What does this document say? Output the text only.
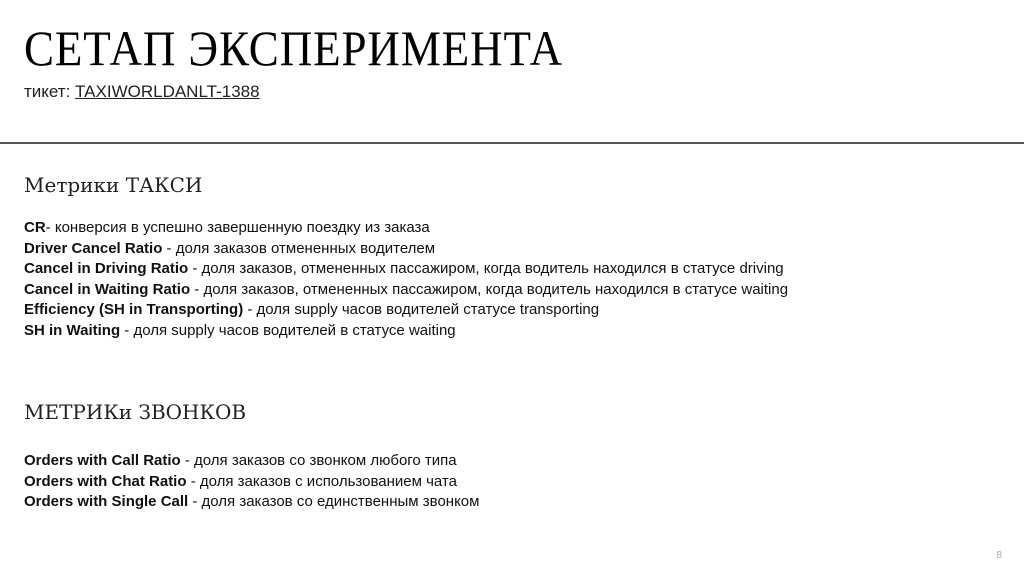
СЕТАП ЭКСПЕРИМЕНТА
тикет: TAXIWORLDANLT-1388
Метрики ТАКСИ
CR- конверсия в успешно завершенную поездку из заказа
Driver Cancel Ratio - доля заказов отмененных водителем
Cancel in Driving Ratio - доля заказов, отмененных пассажиром, когда водитель находился в статусе driving
Cancel in Waiting Ratio - доля заказов, отмененных пассажиром, когда водитель находился в статусе waiting
Efficiency (SH in Transporting) - доля supply часов водителей статусе transporting
SH in Waiting - доля supply часов водителей в статусе waiting
МЕТРИКи ЗВОНКОВ
Orders with Call Ratio - доля заказов со звонком любого типа
Orders with Chat Ratio - доля заказов с использованием чата
Orders with Single Call - доля заказов со единственным звонком
8
